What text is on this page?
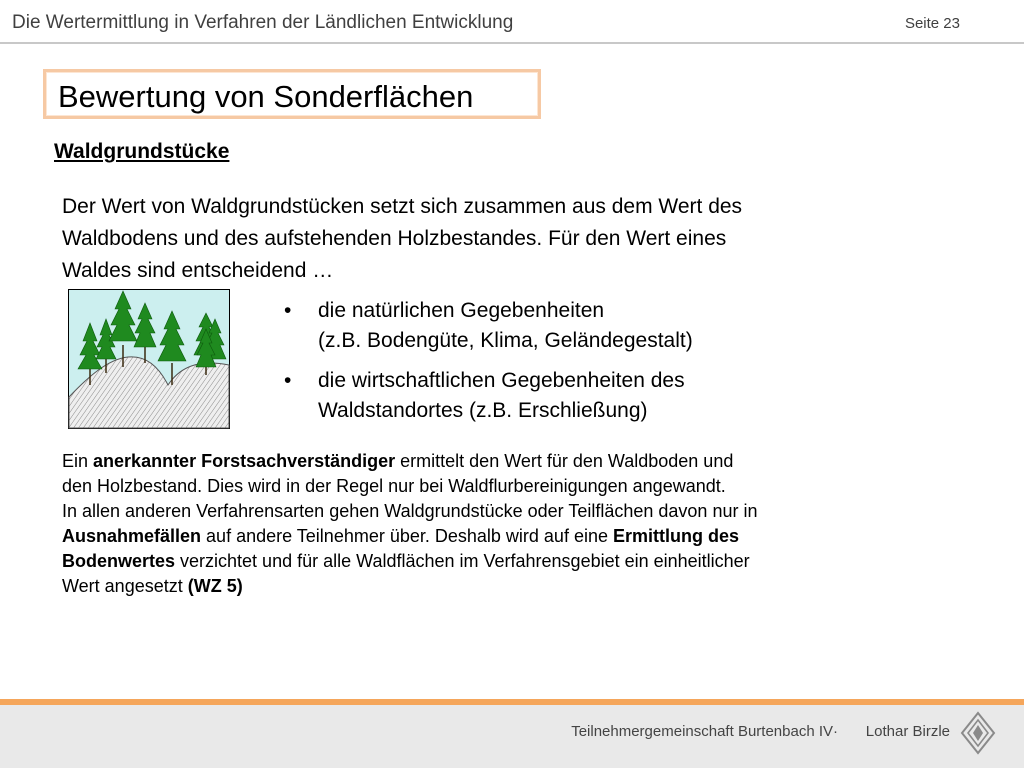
Die Wertermittlung in Verfahren der Ländlichen Entwicklung	Seite 23
Bewertung von Sonderflächen
Waldgrundstücke
Der Wert von Waldgrundstücken setzt sich zusammen aus dem Wert des
Waldbodens und des aufstehenden Holzbestandes. Für den Wert eines
Waldes sind entscheidend …
• die natürlichen Gegebenheiten
(z.B. Bodengüte, Klima, Geländegestalt)
• die wirtschaftlichen Gegebenheiten des
Waldstandortes (z.B. Erschließung)
Ein anerkannter Forstsachverständiger ermittelt den Wert für den Waldboden und
den Holzbestand. Dies wird in der Regel nur bei Waldflurbereinigungen angewandt.
In allen anderen Verfahrensarten gehen Waldgrundstücke oder Teilflächen davon nur in
Ausnahmefällen auf andere Teilnehmer über. Deshalb wird auf eine Ermittlung des
Bodenwertes verzichtet und für alle Waldflächen im Verfahrensgebiet ein einheitlicher
Wert angesetzt (WZ 5)
Teilnehmergemeinschaft Burtenbach IV· Lothar Birzle
